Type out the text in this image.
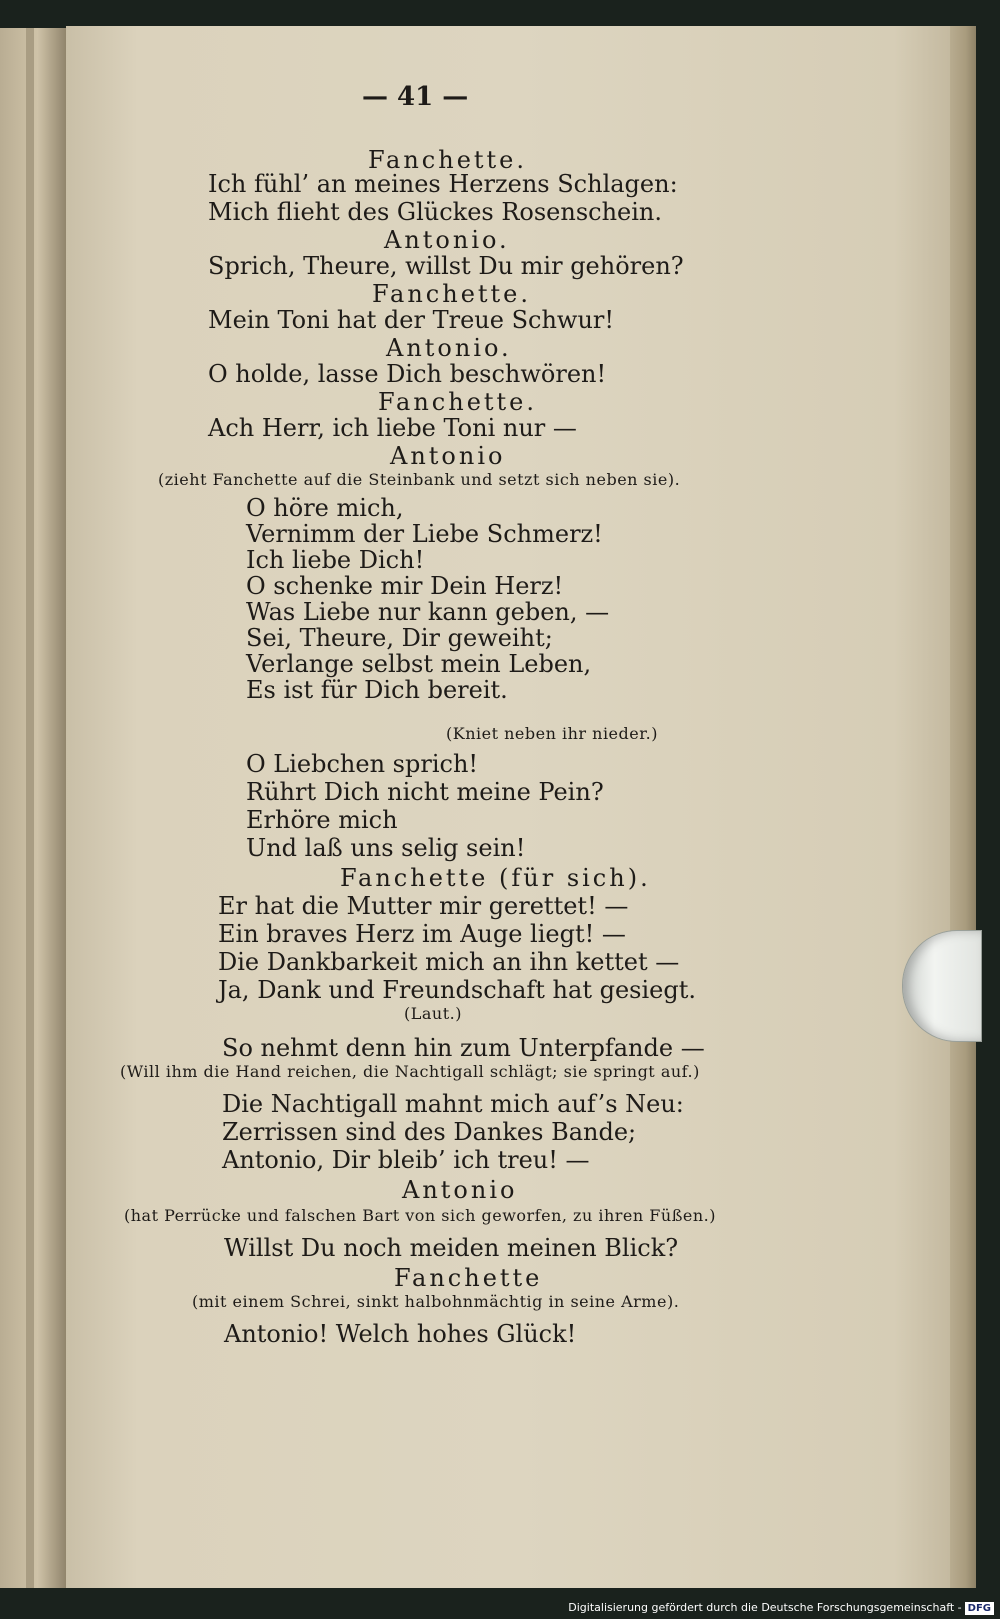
— 41 —
Fanchette.
Ich fühl’ an meines Herzens Schlagen:
Mich flieht des Glückes Rosenschein.
Antonio.
Sprich, Theure, willst Du mir gehören?
Fanchette.
Mein Toni hat der Treue Schwur!
Antonio.
O holde, lasse Dich beschwören!
Fanchette.
Ach Herr, ich liebe Toni nur —
Antonio
(zieht Fanchette auf die Steinbank und setzt sich neben sie).
O höre mich,
Vernimm der Liebe Schmerz!
Ich liebe Dich!
O schenke mir Dein Herz!
Was Liebe nur kann geben, —
Sei, Theure, Dir geweiht;
Verlange selbst mein Leben,
Es ist für Dich bereit.
(Kniet neben ihr nieder.)
O Liebchen sprich!
Rührt Dich nicht meine Pein?
Erhöre mich
Und laß uns selig sein!
Fanchette (für sich).
Er hat die Mutter mir gerettet! —
Ein braves Herz im Auge liegt! —
Die Dankbarkeit mich an ihn kettet —
Ja, Dank und Freundschaft hat gesiegt.
(Laut.)
So nehmt denn hin zum Unterpfande —
(Will ihm die Hand reichen, die Nachtigall schlägt; sie springt auf.)
Die Nachtigall mahnt mich auf’s Neu:
Zerrissen sind des Dankes Bande;
Antonio, Dir bleib’ ich treu! —
Antonio
(hat Perrücke und falschen Bart von sich geworfen, zu ihren Füßen.)
Willst Du noch meiden meinen Blick?
Fanchette
(mit einem Schrei, sinkt halbohnmächtig in seine Arme).
Antonio! Welch hohes Glück!
Digitalisierung gefördert durch die Deutsche Forschungsgemeinschaft - DFG
